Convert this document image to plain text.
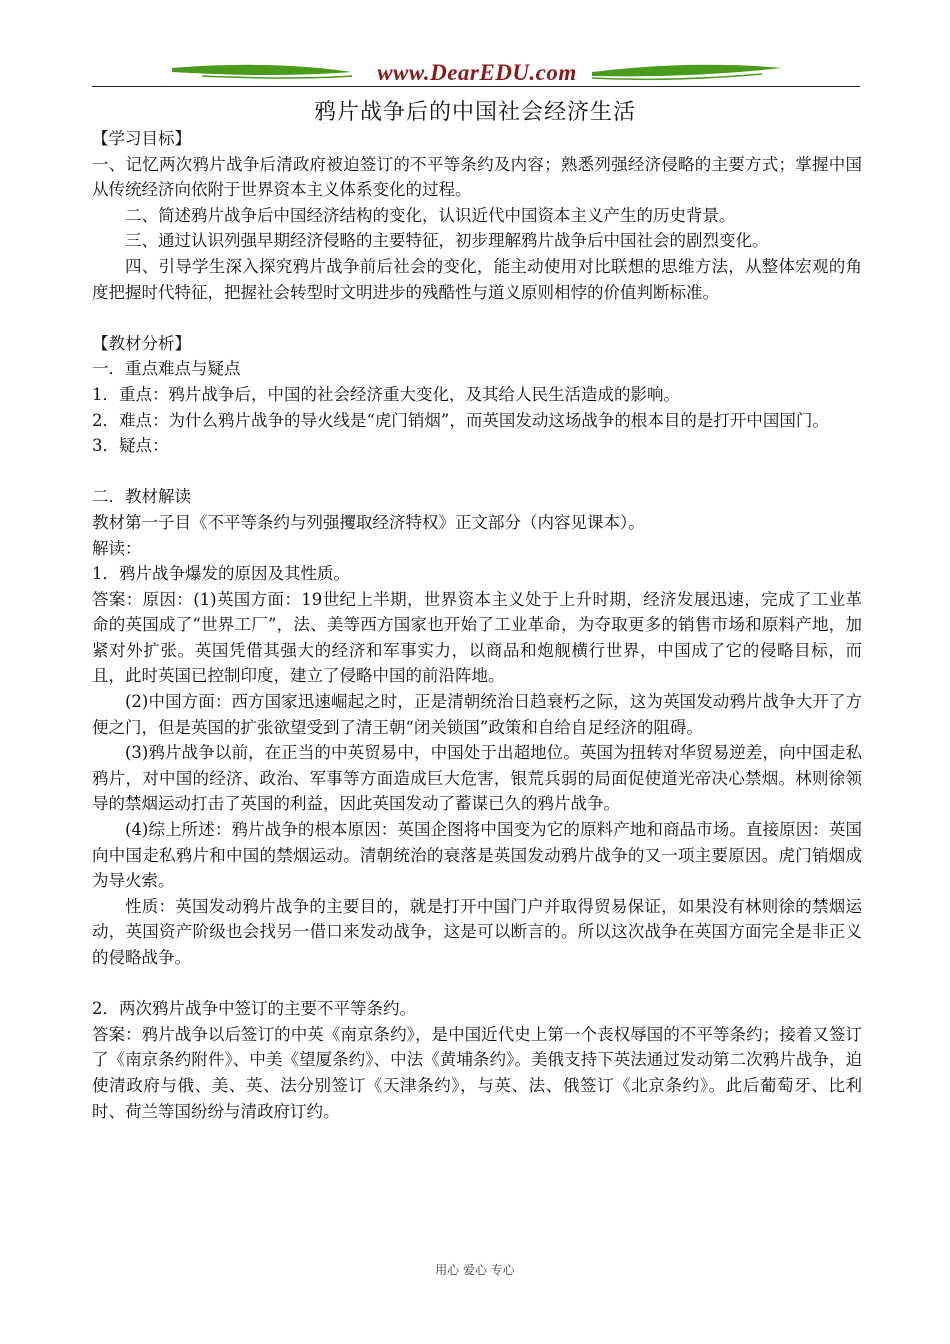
www.DearEDU.com
鸦片战争后的中国社会经济生活

【学习目标】

一、记忆两次鸦片战争后清政府被迫签订的不平等条约及内容；熟悉列强经济侵略的主要方式；掌握中国从传统经济向依附于世界资本主义体系变化的过程。

二、简述鸦片战争后中国经济结构的变化，认识近代中国资本主义产生的历史背景。

三、通过认识列强早期经济侵略的主要特征，初步理解鸦片战争后中国社会的剧烈变化。

四、引导学生深入探究鸦片战争前后社会的变化，能主动使用对比联想的思维方法，从整体宏观的角度把握时代特征，把握社会转型时文明进步的残酷性与道义原则相悖的价值判断标准。

【教材分析】

一．重点难点与疑点

1．重点：鸦片战争后，中国的社会经济重大变化，及其给人民生活造成的影响。

2．难点：为什么鸦片战争的导火线是“虎门销烟”，而英国发动这场战争的根本目的是打开中国国门。

3．疑点：

二．教材解读

教材第一子目《不平等条约与列强攫取经济特权》正文部分（内容见课本）。

解读：

1．鸦片战争爆发的原因及其性质。

答案：原因：(1)英国方面：19世纪上半期，世界资本主义处于上升时期，经济发展迅速，完成了工业革命的英国成了“世界工厂”，法、美等西方国家也开始了工业革命，为夺取更多的销售市场和原料产地，加紧对外扩张。英国凭借其强大的经济和军事实力，以商品和炮舰横行世界，中国成了它的侵略目标，而且，此时英国已控制印度，建立了侵略中国的前沿阵地。

(2)中国方面：西方国家迅速崛起之时，正是清朝统治日趋衰朽之际，这为英国发动鸦片战争大开了方便之门，但是英国的扩张欲望受到了清王朝“闭关锁国”政策和自给自足经济的阻碍。

(3)鸦片战争以前，在正当的中英贸易中，中国处于出超地位。英国为扭转对华贸易逆差，向中国走私鸦片，对中国的经济、政治、军事等方面造成巨大危害，银荒兵弱的局面促使道光帝决心禁烟。林则徐领导的禁烟运动打击了英国的利益，因此英国发动了蓄谋已久的鸦片战争。

(4)综上所述：鸦片战争的根本原因：英国企图将中国变为它的原料产地和商品市场。直接原因：英国向中国走私鸦片和中国的禁烟运动。清朝统治的衰落是英国发动鸦片战争的又一项主要原因。虎门销烟成为导火索。

性质：英国发动鸦片战争的主要目的，就是打开中国门户并取得贸易保证，如果没有林则徐的禁烟运动，英国资产阶级也会找另一借口来发动战争，这是可以断言的。所以这次战争在英国方面完全是非正义的侵略战争。

2．两次鸦片战争中签订的主要不平等条约。

答案：鸦片战争以后签订的中英《南京条约》，是中国近代史上第一个丧权辱国的不平等条约；接着又签订了《南京条约附件》、中美《望厦条约》、中法《黄埔条约》。美俄支持下英法通过发动第二次鸦片战争，迫使清政府与俄、美、英、法分别签订《天津条约》，与英、法、俄签订《北京条约》。此后葡萄牙、比利时、荷兰等国纷纷与清政府订约。

用心 爱心 专心
